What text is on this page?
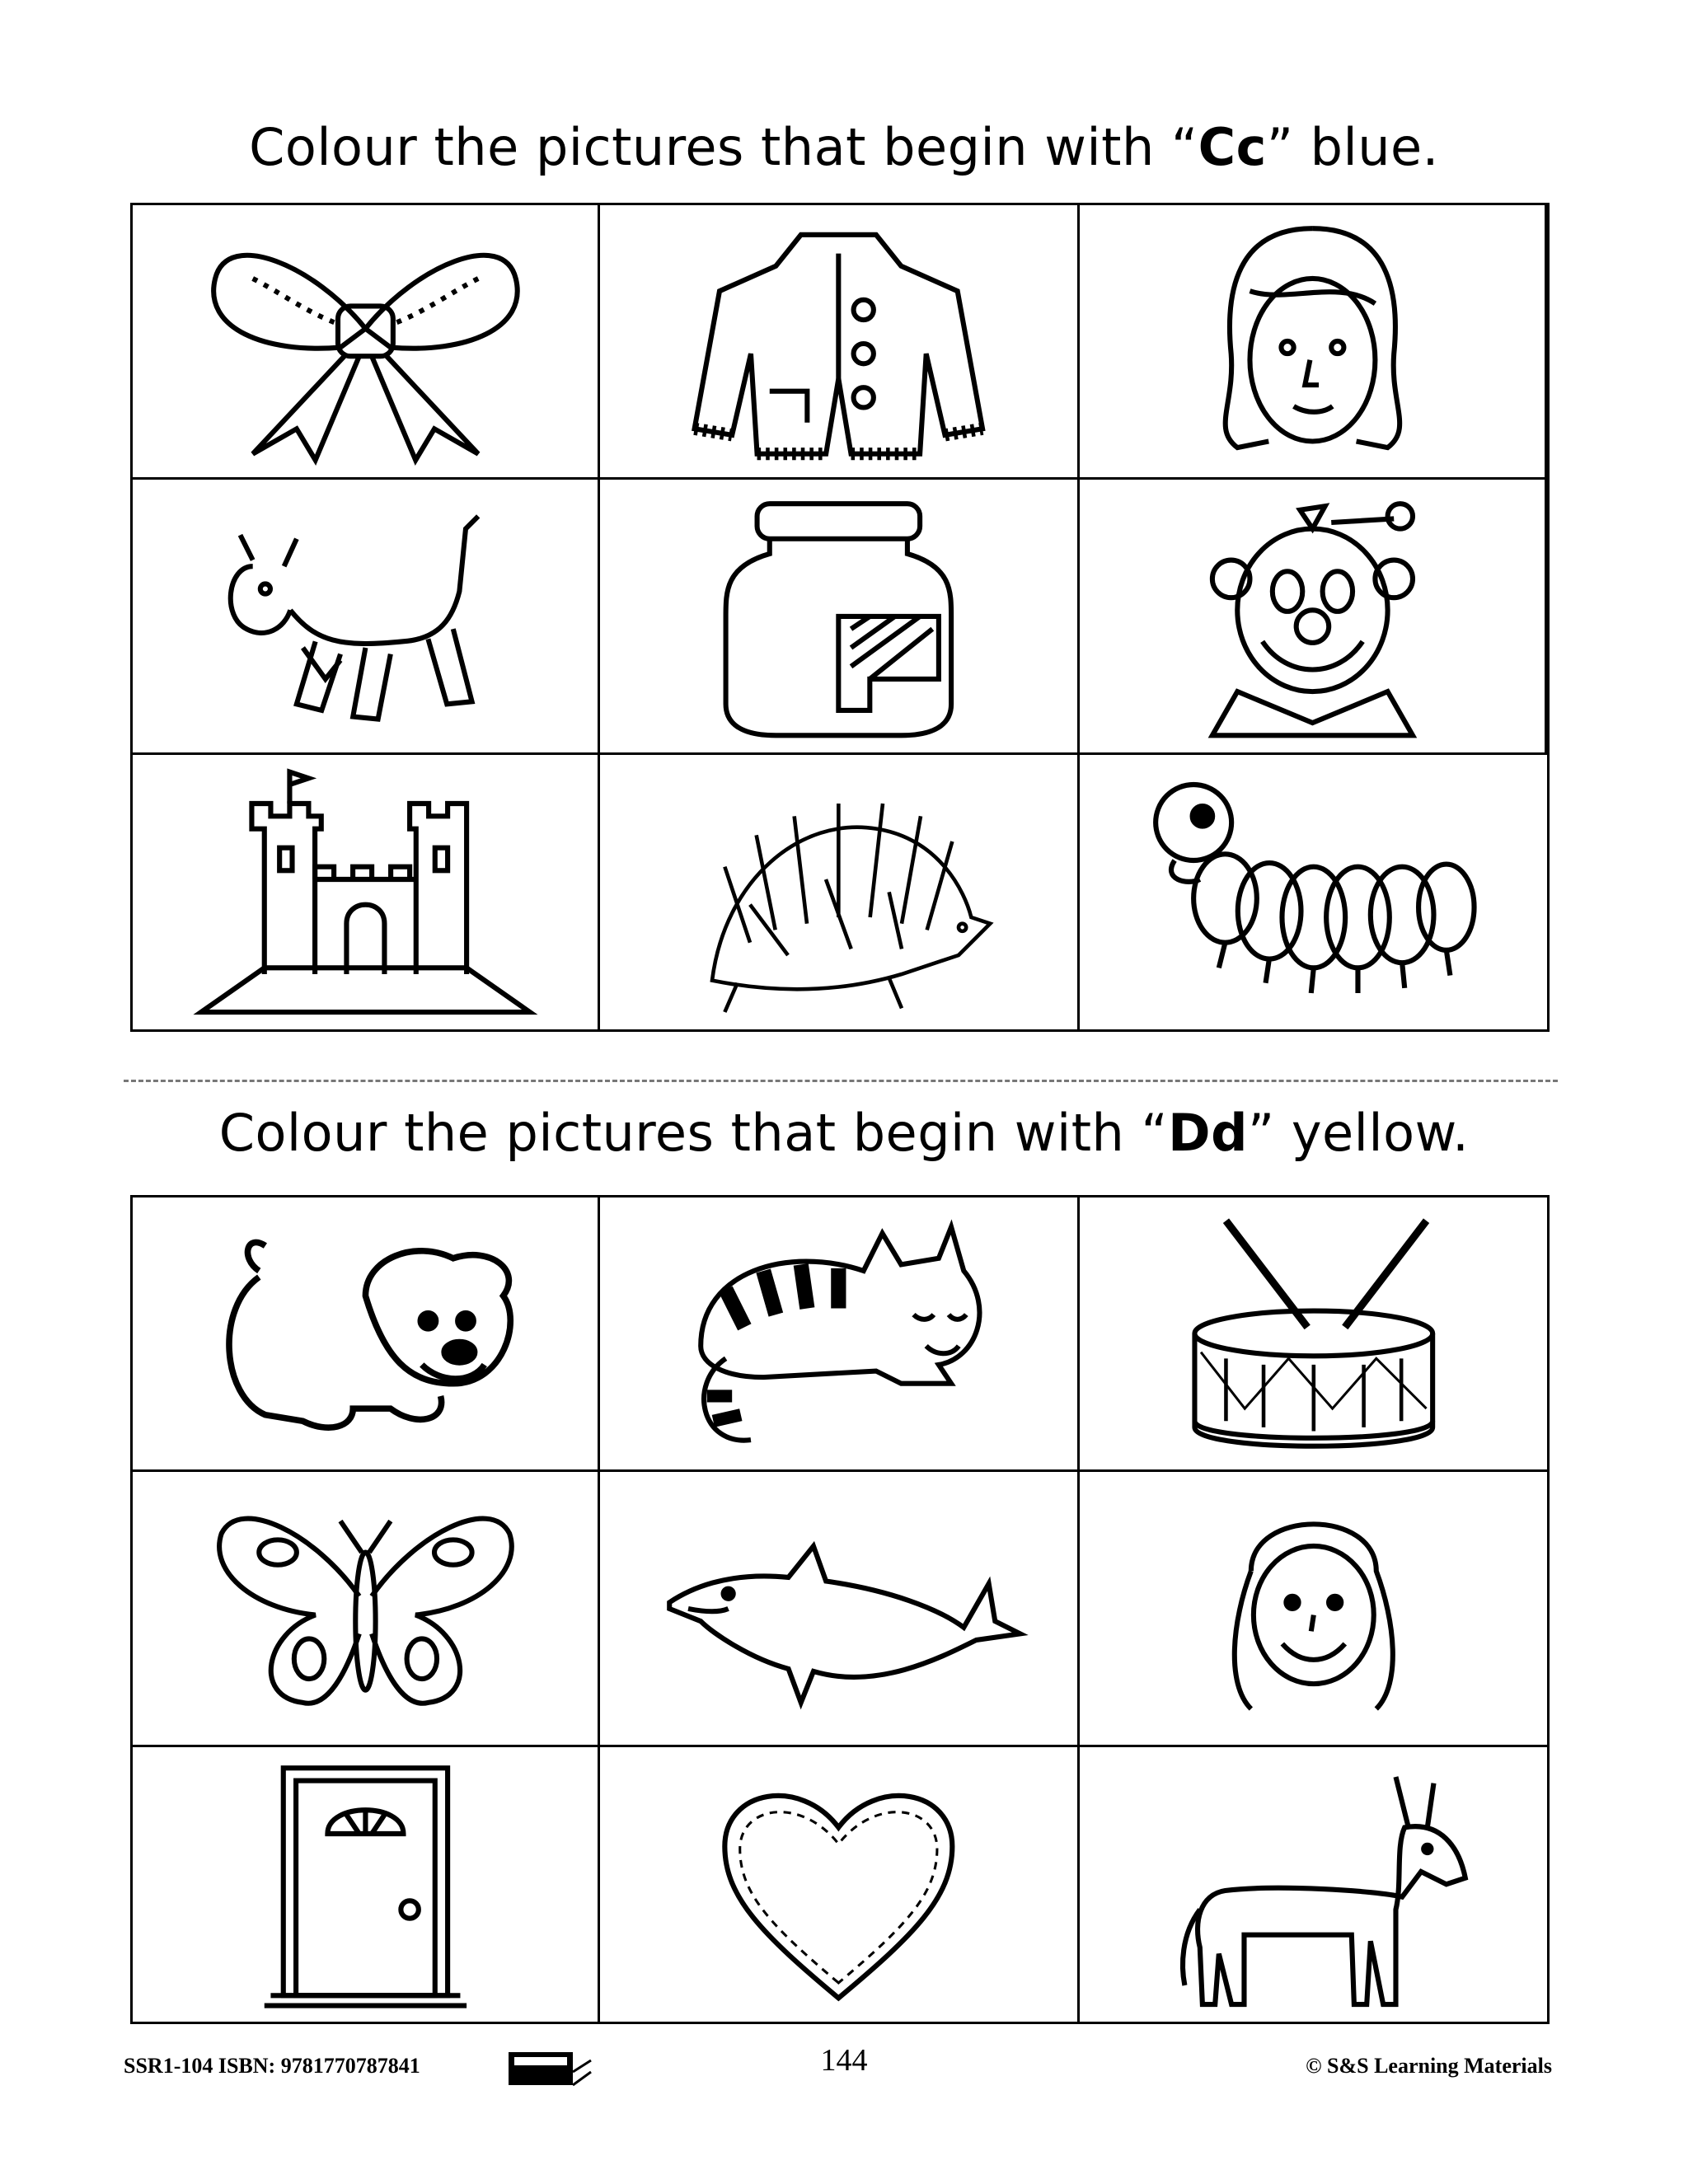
Colour the pictures that begin with “Cc” blue.
Colour the pictures that begin with “Dd” yellow.
SSR1-104 ISBN: 9781770787841	144	© S&S Learning Materials
